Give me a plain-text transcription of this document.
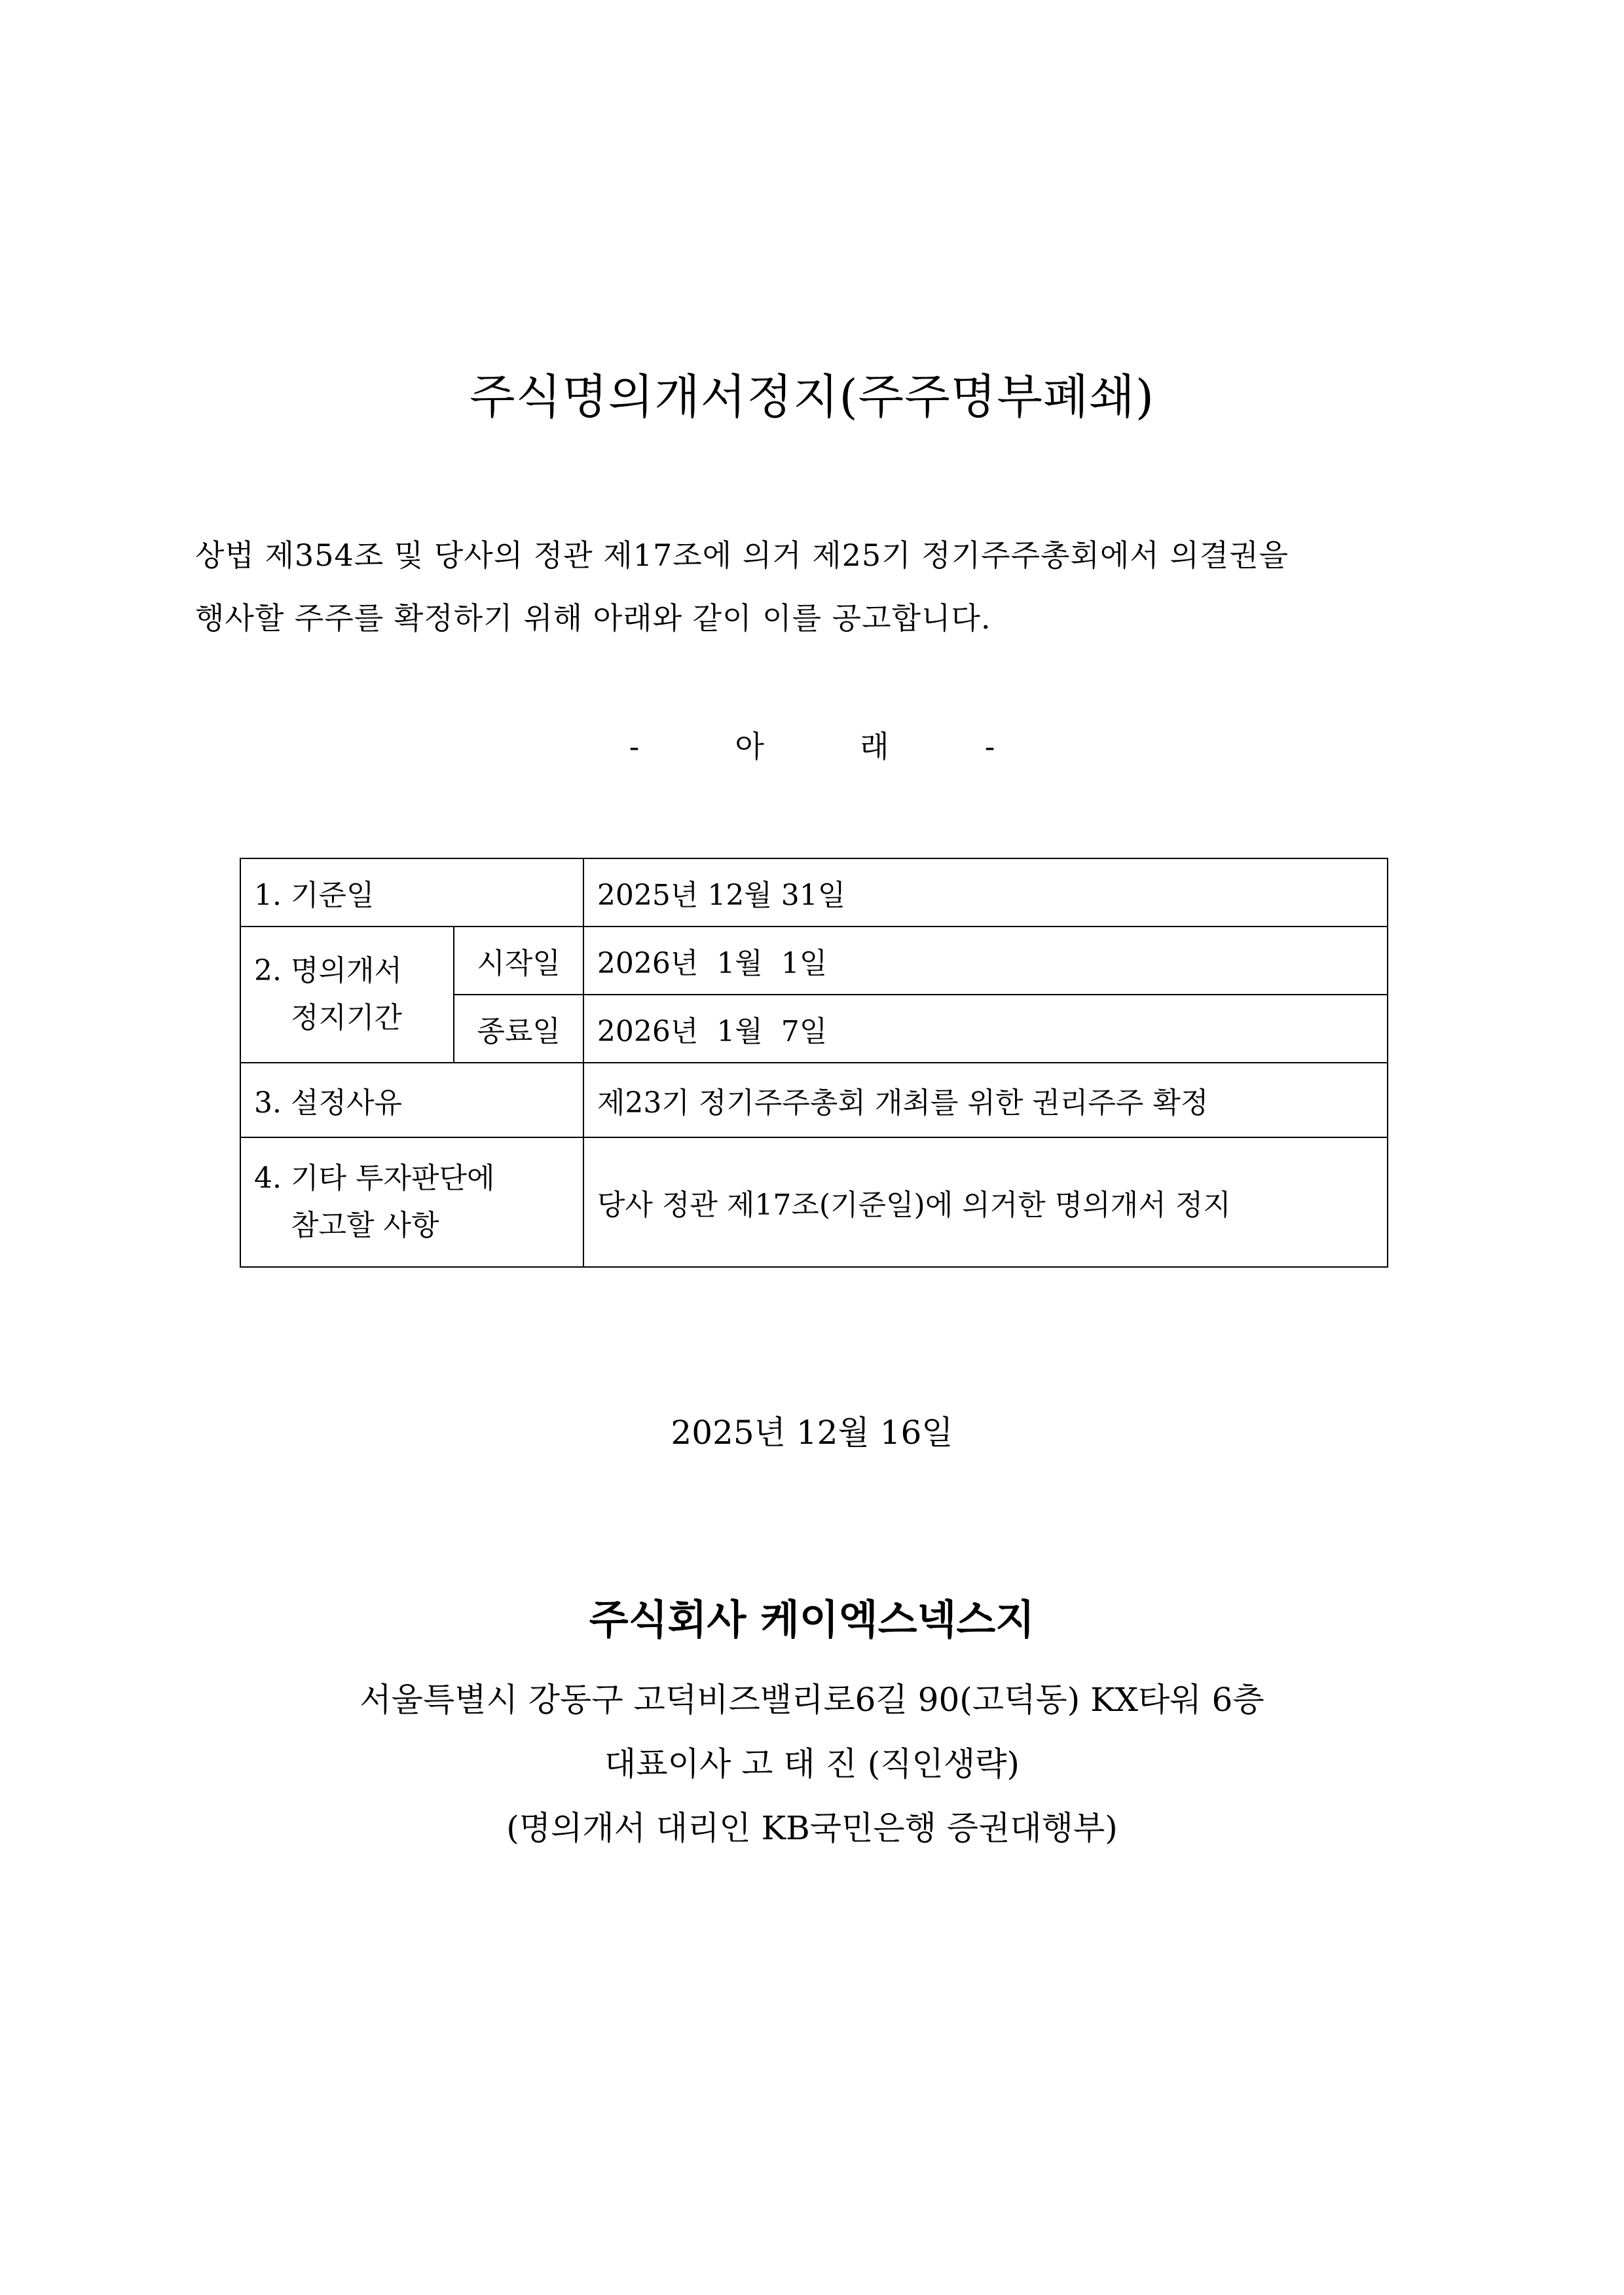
주식명의개서정지(주주명부폐쇄)

상법 제354조 및 당사의 정관 제17조에 의거 제25기 정기주주총회에서 의결권을

행사할 주주를 확정하기 위해 아래와 같이 이를 공고합니다.

-          아          래          -
1. 기준일		2025년 12월 31일

2. 명의개서
정지기간	시작일	2026년  1월  1일
	종료일	2026년  1월  7일
3. 설정사유		제23기 정기주주총회 개최를 위한 권리주주 확정

4. 기타 투자판단에
참고할 사항		당사 정관 제17조(기준일)에 의거한 명의개서 정지
2025년 12월 16일
주식회사 케이엑스넥스지
서울특별시 강동구 고덕비즈밸리로6길 90(고덕동) KX타워 6층
대표이사 고 태 진 (직인생략)
(명의개서 대리인 KB국민은행 증권대행부)
